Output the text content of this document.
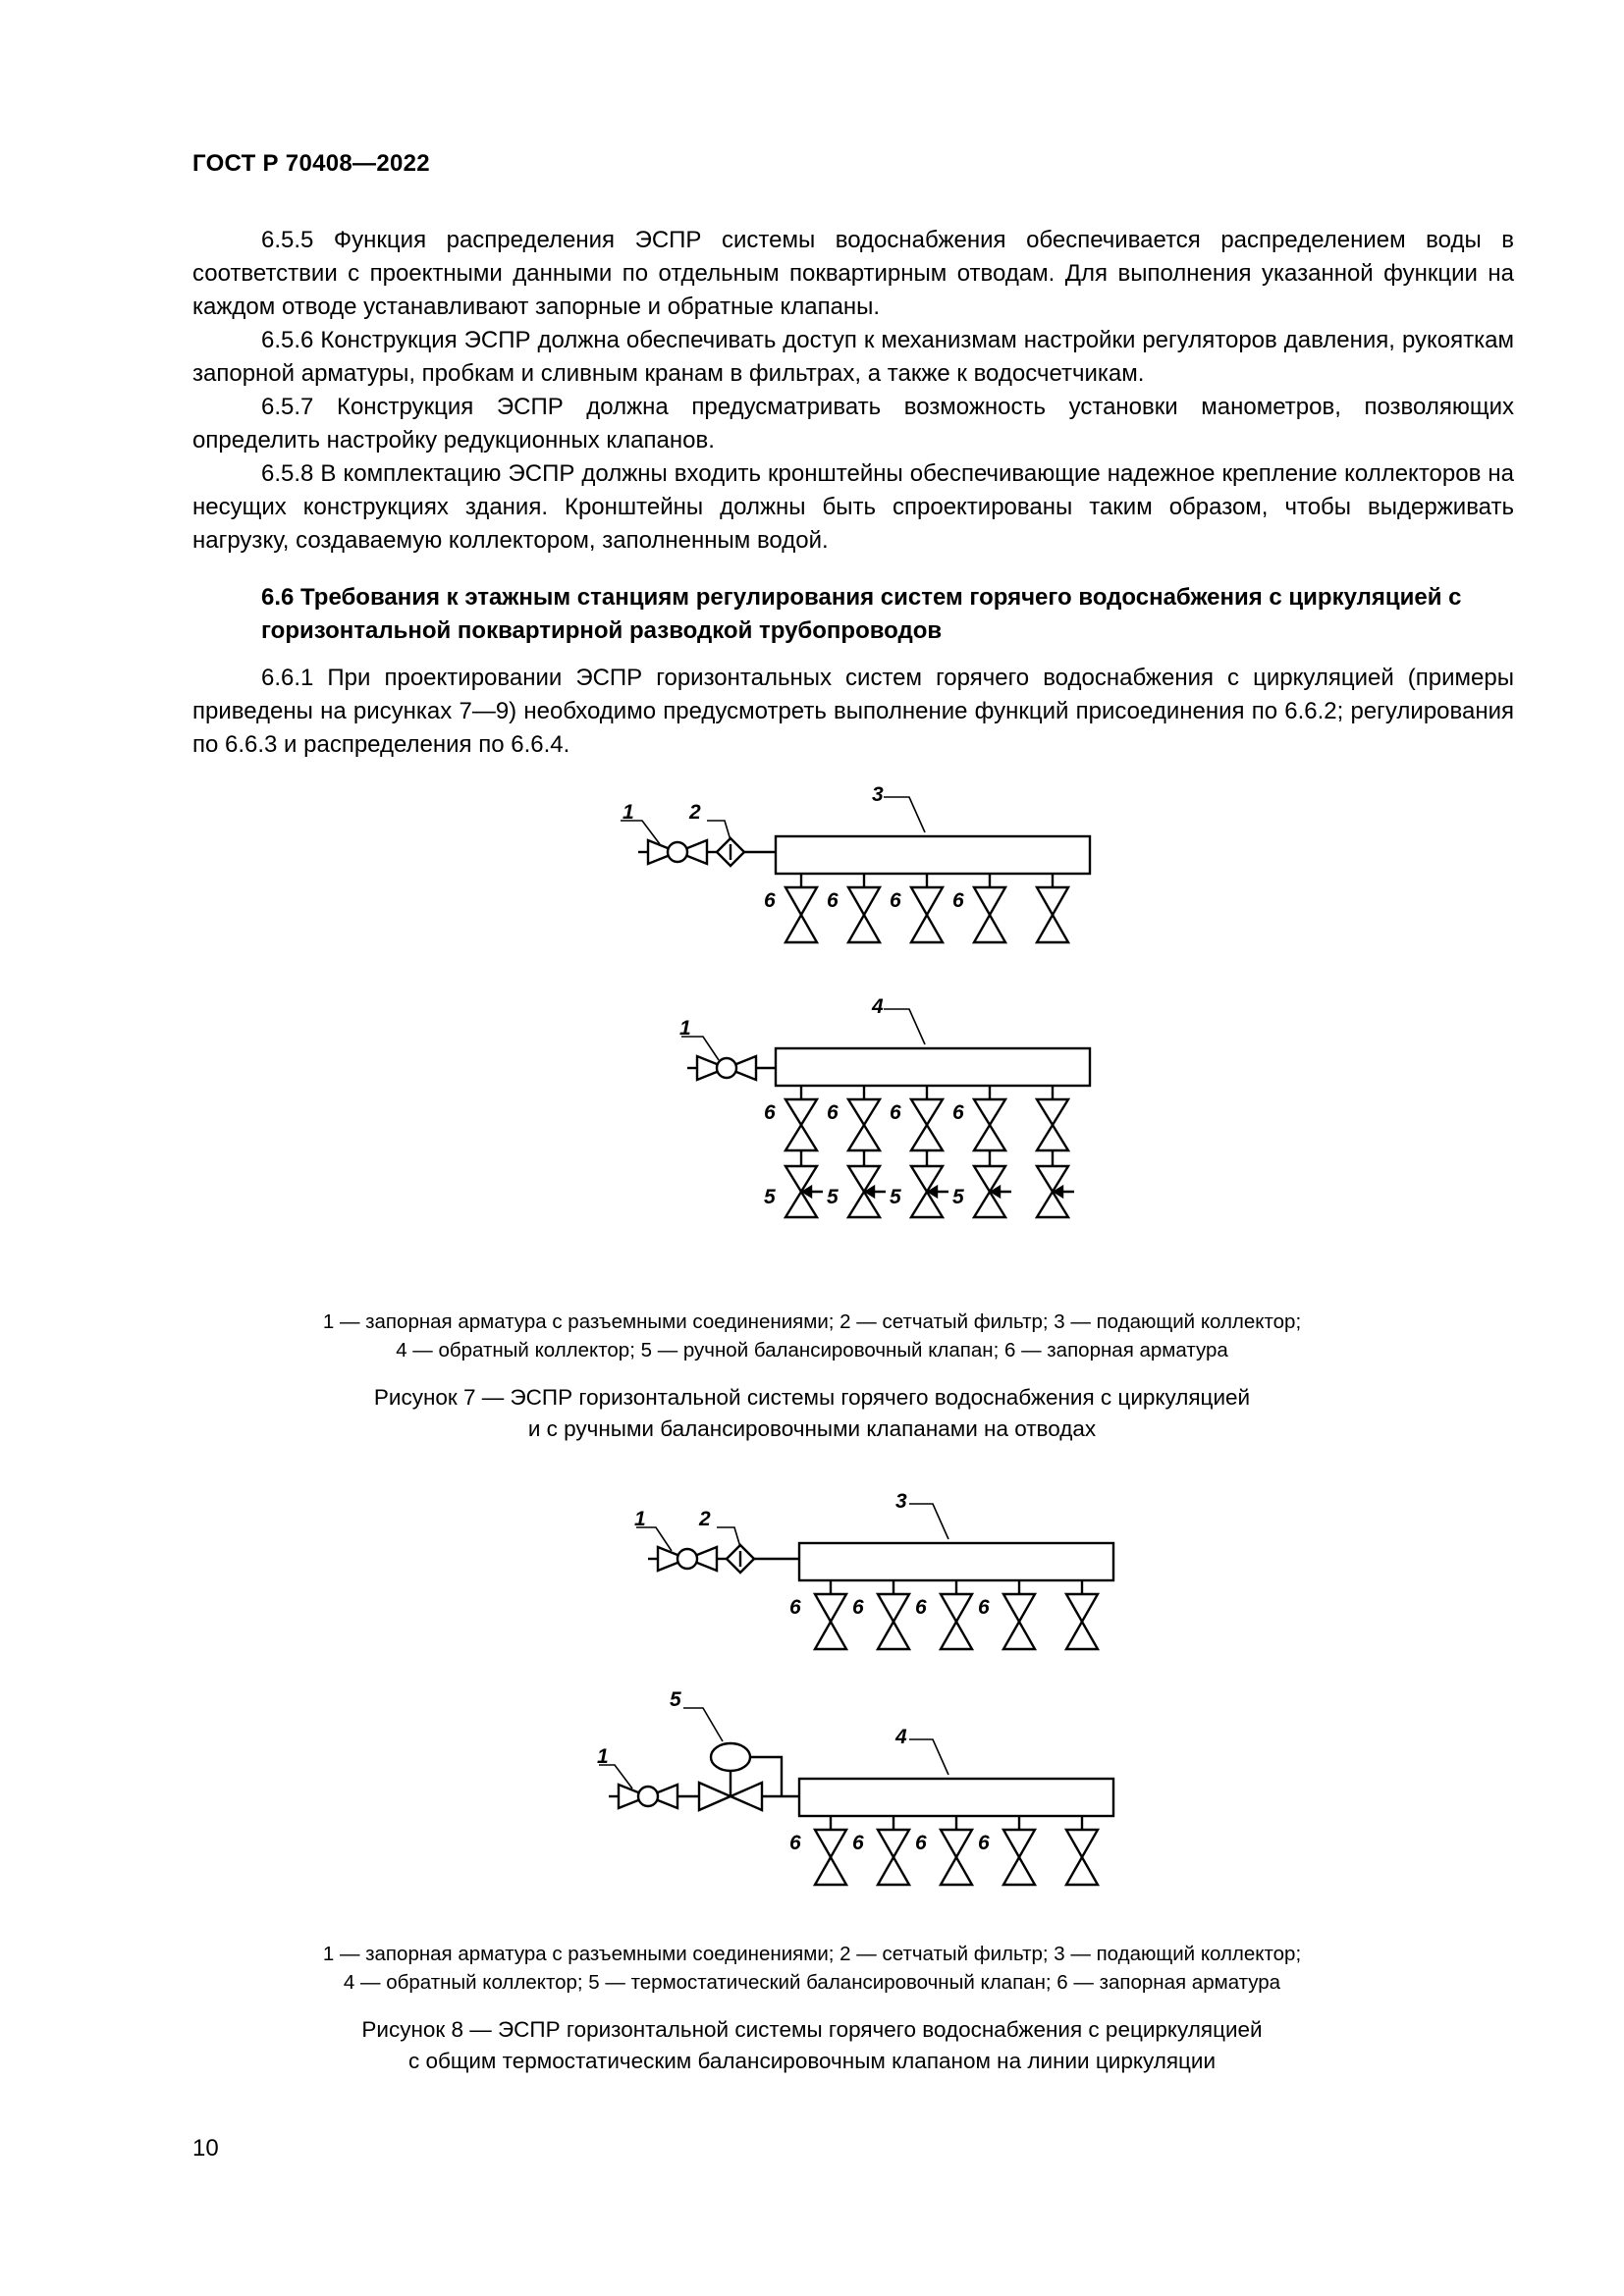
ГОСТ Р 70408—2022

6.5.5 Функция распределения ЭСПР системы водоснабжения обеспечивается распределением воды в соответствии с проектными данными по отдельным поквартирным отводам. Для выполнения указанной функции на каждом отводе устанавливают запорные и обратные клапаны.

6.5.6 Конструкция ЭСПР должна обеспечивать доступ к механизмам настройки регуляторов давления, рукояткам запорной арматуры, пробкам и сливным кранам в фильтрах, а также к водосчетчикам.

6.5.7 Конструкция ЭСПР должна предусматривать возможность установки манометров, позволяющих определить настройку редукционных клапанов.

6.5.8 В комплектацию ЭСПР должны входить кронштейны обеспечивающие надежное крепление коллекторов на несущих конструкциях здания. Кронштейны должны быть спроектированы таким образом, чтобы выдерживать нагрузку, создаваемую коллектором, заполненным водой.

6.6 Требования к этажным станциям регулирования систем горячего водоснабжения с циркуляцией с горизонтальной поквартирной разводкой трубопроводов

6.6.1 При проектировании ЭСПР горизонтальных систем горячего водоснабжения с циркуляцией (примеры приведены на рисунках 7—9) необходимо предусмотреть выполнение функций присоединения по 6.6.2; регулирования по 6.6.3 и распределения по 6.6.4.

1	2
3
6 6 6 6
1
4
6 6 6 6
5 5 5 5
1 — запорная арматура с разъемными соединениями; 2 — сетчатый фильтр; 3 — подающий коллектор;
4 — обратный коллектор; 5 — ручной балансировочный клапан; 6 — запорная арматура
Рисунок 7 — ЭСПР горизонтальной системы горячего водоснабжения с циркуляцией
и с ручными балансировочными клапанами на отводах
1	2
3
6 6 6 6
1
5
4
6 6 6 6
1 — запорная арматура с разъемными соединениями; 2 — сетчатый фильтр; 3 — подающий коллектор;
4 — обратный коллектор; 5 — термостатический балансировочный клапан; 6 — запорная арматура
Рисунок 8 — ЭСПР горизонтальной системы горячего водоснабжения с рециркуляцией
с общим термостатическим балансировочным клапаном на линии циркуляции
10
